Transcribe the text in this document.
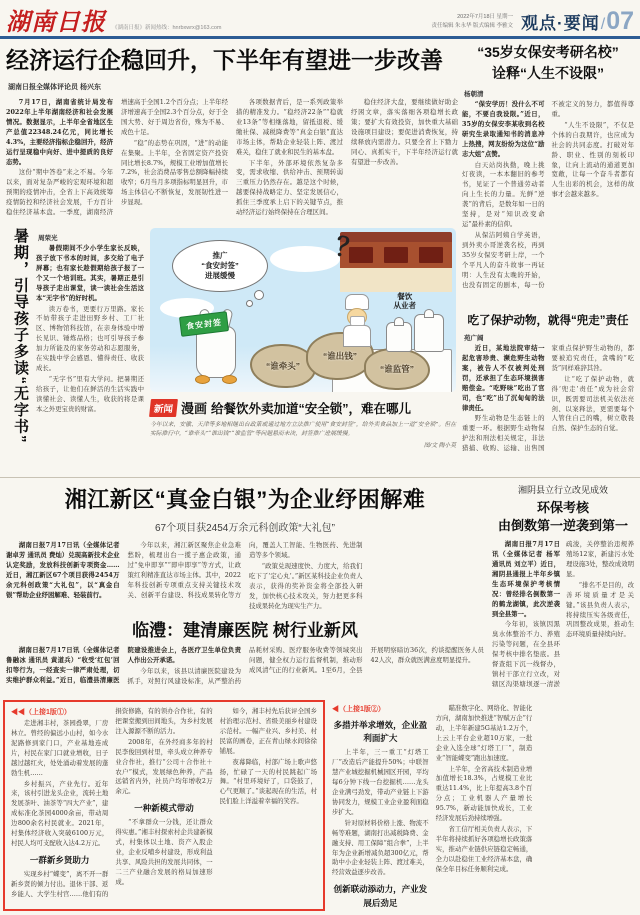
湖南日报 《湖南日报》新闻热线：hnrbxwrx@163.com
2022年7月18日 星期一
责任编辑 朱永华 版式编辑 李雅文 观点·要闻 / 07
经济运行企稳回升，下半年有望进一步改善
湖南日报全媒体评论员 杨兴东

7月17日，湖南省统计局发布2022年上半年湖南经济和社会发展情况。数据显示，上半年全省地区生产总值22348.24亿元，同比增长4.3%，主要经济指标企稳回升，经济运行呈现稳中向好、进中提质的良好态势。

这份“期中答卷”来之不易。今年以来，面对复杂严峻的宏观环境和超预期的疫情冲击，全省上下高效统筹疫情防控和经济社会发展，千方百计稳住经济基本盘。一季度，湖南经济增速高于全国1.2个百分点；上半年经济增速高于全国2.3个百分点，好于全国大势、好于周边省份，殊为不易、成色十足。

“稳”的态势在巩固，“进”的动能在集聚。上半年，全省固定资产投资同比增长8.7%，规模工业增加值增长7.2%，社会消费品零售总额降幅持续收窄；6月当月多项指标明显回升，市场主体信心不断恢复，发展韧性进一步显现。

各项数据背后，是一系列政策举措的精准发力。“稳经济22条”“稳就业13条”等相继落地，留抵退税、缓缴社保、减税降费等“真金白银”直达市场主体，帮助企业轻装上阵、渡过难关，稳住了就业和民生的基本盘。

下半年，外部环境依然复杂多变，需求收缩、供给冲击、预期转弱三重压力仍然存在。越是这个时候，越要保持战略定力、坚定发展信心，抓住三季度承上启下的关键节点，推动经济运行始终保持在合理区间。

稳住经济大盘，要继续做好助企纾困文章，落实落细各项稳增长政策；要扩大有效投资，加快重大基础设施项目建设；要促进消费恢复，持续释放内需潜力。只要全省上下勠力同心、真抓实干，下半年经济运行就有望进一步改善。

“35岁女保安考研名校”
诠释“人生不设限”
杨朝清

“保安学历！没什么不可能，不要自我设限。”近日，35岁的女保安李某收到名校研究生录取通知书的消息冲上热搜，网友纷纷为这位“励志大姐”点赞。

白天站岗执勤，晚上挑灯夜读，一本本翻旧的参考书，见证了一个普通劳动者向上生长的力量。光鲜“逆袭”的背后，是数年如一日的坚持，是对“知识改变命运”最朴素的信仰。

从保洁阿姨自学英语，到外卖小哥逆袭名校，再到35岁女保安考研上岸，一个个平凡人的奋斗故事一再证明：人生没有太晚的开始，也没有固定的剧本，每一份不被定义的努力，都值得尊重。

“人生不设限”，不仅是个体的自我期许，也应成为社会的共同态度。打破对年龄、职业、性别的刻板印象，让向上流动的通道更加宽敞，让每一个奋斗者都有人生出彩的机会，这样的故事才会越来越多。

吃了保护动物，就得“兜走”责任
苑广阔

近日，某地法院审结一起危害珍贵、濒危野生动物案，被告人不仅被判处刑罚，还承担了生态环境损害赔偿金。“吃野味”吃出了官司，也“吃”出了沉甸甸的法律责任。

野生动物是生态链上的重要一环。根据野生动物保护法和刑法相关规定，非法猎捕、收购、运输、出售国家重点保护野生动物的，都要被追究责任，贪嘴的“吃货”同样难辞其咎。

让“吃了保护动物，就得‘兜走’责任”成为社会常识，既需要司法机关依法亮剑、以案释法，更需要每个人管住自己的嘴，树立敬畏自然、保护生态的自觉。

暑期，引导孩子多读“无字书” 周荣光

暑假期间不少小学生家长反映，孩子放下书本的时间，多交给了电子屏幕；也有家长趁假期给孩子报了一个又一个培训班。其实，暑期正是引导孩子走出课堂，读一读社会生活这本“无字书”的好时机。

读万卷书，更要行万里路。家长不妨带孩子走进田野乡村、工厂社区、博物馆科技馆，在亲身体验中增长见识、锤炼品格；也可引导孩子参加力所能及的家务劳动和志愿服务，在实践中学会感恩、懂得责任、收获成长。

“无字书”里有大学问。把暑期还给孩子，让他们在鲜活的生活实践中读懂社会、读懂人生，收获的将是课本之外更宝贵的财富。

推广

“食安封签”

进展缓慢

？

餐饮

从业者

食安封签
“谁牵头”
“谁出钱”
“谁监管”
新闻 漫画 给餐饮外卖加道“安全锁”，难在哪儿
今年以来，安徽、天津等多地相继出台政策或通过地方立法推广使用“食安封签”，给外卖食品加上一道“安全锁”。但在实际推行中，“谁牵头”“谁出钱”“谁监管”等问题悬而未决，封签推广进展缓慢。
图/文 陶小莫
湘江新区“真金白银”为企业纾困解难
67个项目获2454万余元科创政策“大礼包”

湖南日报7月17日讯（全媒体记者 谢卓芳 通讯员 费灿）兑现高新技术企业认定奖励，发放科技创新专项资金……近日，湘江新区67个项目获得2454万余元科创政策“大礼包”，以“真金白银”帮助企业纾困解难、轻装前行。

今年以来，湘江新区聚焦企业急难愁盼，梳理出台一揽子惠企政策，通过“免申即享”“即申即享”等方式，让政策红利精准直达市场主体。其中，2022年科技创新专项重点支持关键技术攻关、创新平台建设、科技成果转化等方向，覆盖人工智能、生物医药、先进制造等多个领域。

“政策兑现速度快、力度大，给我们吃下了‘定心丸’。”新区某科技企业负责人表示，获得的奖补资金将全部投入研发，加快核心技术攻关，努力把更多科技成果转化为现实生产力。

临澧：建清廉医院 树行业新风

湖南日报7月17日讯（全媒体记者 鲁融冰 通讯员 黄道兵）“收受‘红包’回扣等行为，一经查实一律严肃处理，切实维护群众利益。”近日，临澧县清廉医院建设推进会上，各医疗卫生单位负责人作出公开承诺。

今年以来，该县以清廉医院建设为抓手，对照行风建设标准，从严整治药品耗材采购、医疗服务收费等领域突出问题，健全权力运行监督机制，推动形成风清气正的行业新风。1至6月，全县开展明察暗访36次，约谈提醒医务人员42人次，群众就医满意度明显提升。

湘阴县立行立改见成效
环保考核
由倒数第一逆袭到第一

湖南日报7月17日讯（全媒体记者 杨军 通讯员 刘立平）近日，湘阴县通报上半年乡镇生态环境保护考核情况：曾经排名倒数第一的鹤龙湖镇，此次逆袭到全县第一。

今年初，该镇因黑臭水体整治不力、养殖污染等问题，在全县环保考核中排名垫底。县督查组下沉一线督办，镇村干部立行立改，对辖区沟渠塘坝逐一清淤疏浚，关停整治违规养殖场12家，新建污水处理设施3处，整改成效明显。

“排名不是目的，改善环境质量才是关键。”该县负责人表示，将持续压实各级责任，巩固整改成果，推动生态环境质量持续向好。

◀◀（上接1版①）

走进湘丰村，茶园叠翠，厂房林立。曾经的偏远小山村，如今水泥路修到家门口，产业基地连成片，村民在家门口就业增收，日子越过越红火，处处涌动着发展的蓬勃生机……

乡村振兴，产业先行。近年来，该村引进龙头企业，流转土地发展茶叶、油茶等“四大产业”，建成标准化茶园4000余亩，带动周边800余名村民就业。2021年，村集体经济收入突破6100万元，村民人均可支配收入达4.2万元。

一群新乡贤助力

实现乡村“蝶变”，离不开一群新乡贤的倾力付出。退休干部、返乡能人、大学生村官……他们有的捐资修路，有的领办合作社，有的把课堂搬到田间地头，为乡村发展注入源源不断的活力。

2008年，在外经商多年的村民李俊回到村里，牵头成立种养专业合作社，推行“公司＋合作社＋农户”模式，发展绿色种养，产品远销省内外，社员户均年增收2万余元。

一种新模式带动

“不拿群众一分钱，还让群众得实惠。”湘丰村探索村企共建新模式，村集体以土地、资产入股企业，企业反哺乡村建设，形成利益共享、风险共担的发展共同体，一二三产业融合发展的格局加速形成。

如今，湘丰村先后获评全国乡村治理示范村、省级美丽乡村建设示范村。一幅产业兴、乡村美、村民富的画卷，正在青山绿水间徐徐铺展。

夜幕降临，村部广场上歌声悠扬，忙碌了一天的村民跳起广场舞。“村里环境好了，口袋鼓了，心气更顺了。”谈起现在的生活，村民们脸上洋溢着幸福的笑容。

◀（上接1版②）

多措并举求增效，企业盈利面扩大

上半年，三一重工“灯塔工厂”改造后产能提升50%；中联智慧产业城挖掘机械园区开园，平均每6分钟下线一台挖掘机……龙头企业满弓劲发，带动产业链上下游协同发力，规模工业企业盈利面稳步扩大。

针对原材料价格上涨、物流不畅等难题，湖南打出减税降费、金融支持、用工保障“组合拳”，上半年为企业新增减负超300亿元，帮助中小企业轻装上阵、渡过难关，经营效益逐步改善。

创新联动添动力，产业发展后劲足

瞄准数字化、网络化、智能化方向，湖南加快推进“智赋万企”行动，上半年新建5G基站1.2万个，上云上平台企业超10万家，一批企业入选全球“灯塔工厂”，制造业“智能蝶变”跑出加速度。

上半年，全省高技术制造业增加值增长18.3%，占规模工业比重达11.4%，比上年提高3.8个百分点；工业机器人产量增长95.7%，新动能加快成长，工业经济发展后劲持续增强。

省工信厅相关负责人表示，下半年将持续抓好各项稳增长政策落实，推动产业链供应链稳定畅通，全力以赴稳住工业经济基本盘，确保全年目标任务顺利完成。
